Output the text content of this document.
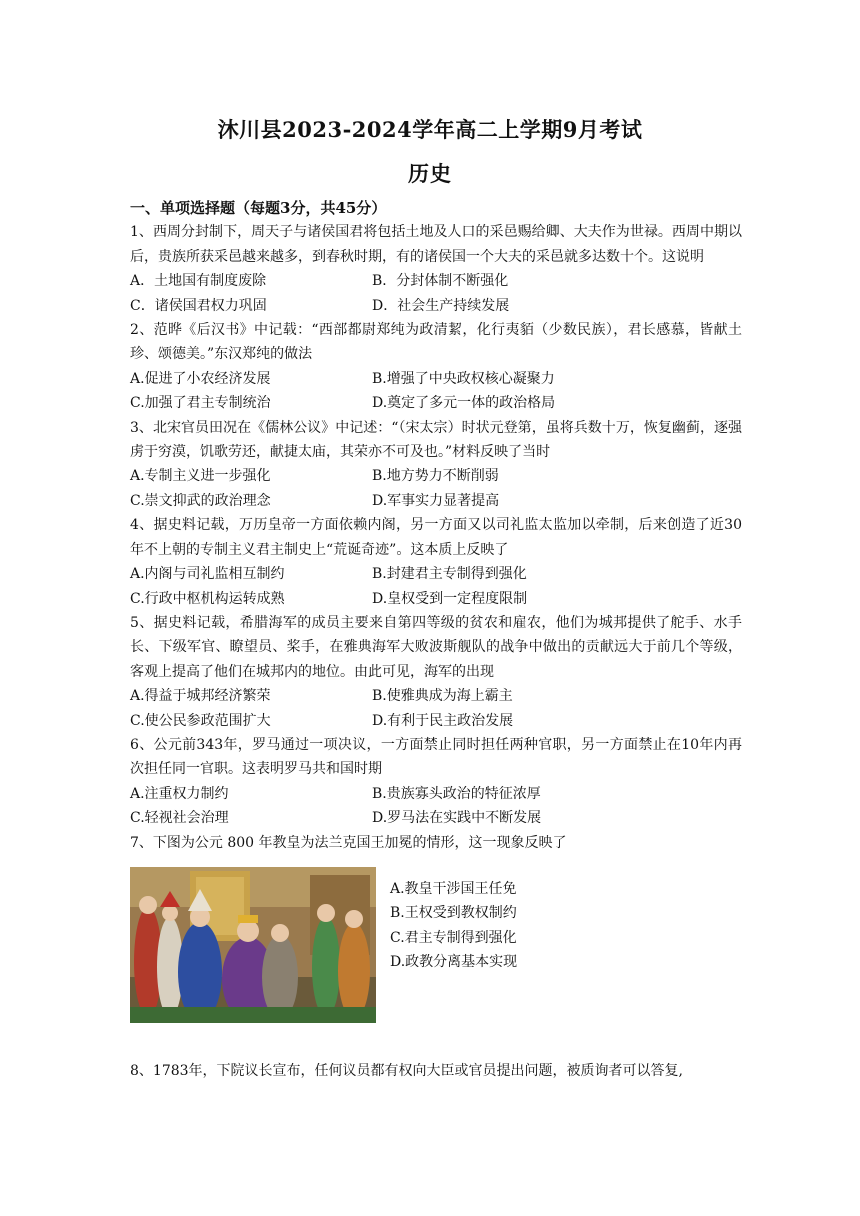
沐川县2023-2024学年高二上学期9月考试
历史

一、单项选择题（每题3分，共45分）

1、西周分封制下，周天子与诸侯国君将包括土地及人口的采邑赐给卿、大夫作为世禄。西周中期以后，贵族所获采邑越来越多，到春秋时期，有的诸侯国一个大夫的采邑就多达数十个。这说明

A．土地国有制度废除	B．分封体制不断强化
C．诸侯国君权力巩固	D．社会生产持续发展

2、范晔《后汉书》中记载：“西部都尉郑纯为政清絜，化行夷貊（少数民族），君长感慕，皆献土珍、颂德美。”东汉郑纯的做法

A.促进了小农经济发展	B.增强了中央政权核心凝聚力
C.加强了君主专制统治	D.奠定了多元一体的政治格局

3、北宋官员田况在《儒林公议》中记述：“（宋太宗）时状元登第，虽将兵数十万，恢复幽蓟，逐强虏于穷漠，饥歌劳还，献捷太庙，其荣亦不可及也。”材料反映了当时

A.专制主义进一步强化	B.地方势力不断削弱
C.崇文抑武的政治理念	D.军事实力显著提高

4、据史料记载，万历皇帝一方面依赖内阁，另一方面又以司礼监太监加以牵制，后来创造了近30年不上朝的专制主义君主制史上“荒诞奇迹”。这本质上反映了

A.内阁与司礼监相互制约	B.封建君主专制得到强化
C.行政中枢机构运转成熟	D.皇权受到一定程度限制

5、据史料记载，希腊海军的成员主要来自第四等级的贫农和雇农，他们为城邦提供了舵手、水手长、下级军官、瞭望员、桨手，在雅典海军大败波斯舰队的战争中做出的贡献远大于前几个等级，客观上提高了他们在城邦内的地位。由此可见，海军的出现

A.得益于城邦经济繁荣	B.使雅典成为海上霸主
C.使公民参政范围扩大	D.有利于民主政治发展

6、公元前343年，罗马通过一项决议，一方面禁止同时担任两种官职，另一方面禁止在10年内再次担任同一官职。这表明罗马共和国时期

A.注重权力制约	B.贵族寡头政治的特征浓厚
C.轻视社会治理	D.罗马法在实践中不断发展

7、下图为公元 800 年教皇为法兰克国王加冕的情形，这一现象反映了

A.教皇干涉国王任免
B.王权受到教权制约
C.君主专制得到强化
D.政教分离基本实现

8、1783年，下院议长宣布，任何议员都有权向大臣或官员提出问题，被质询者可以答复,
